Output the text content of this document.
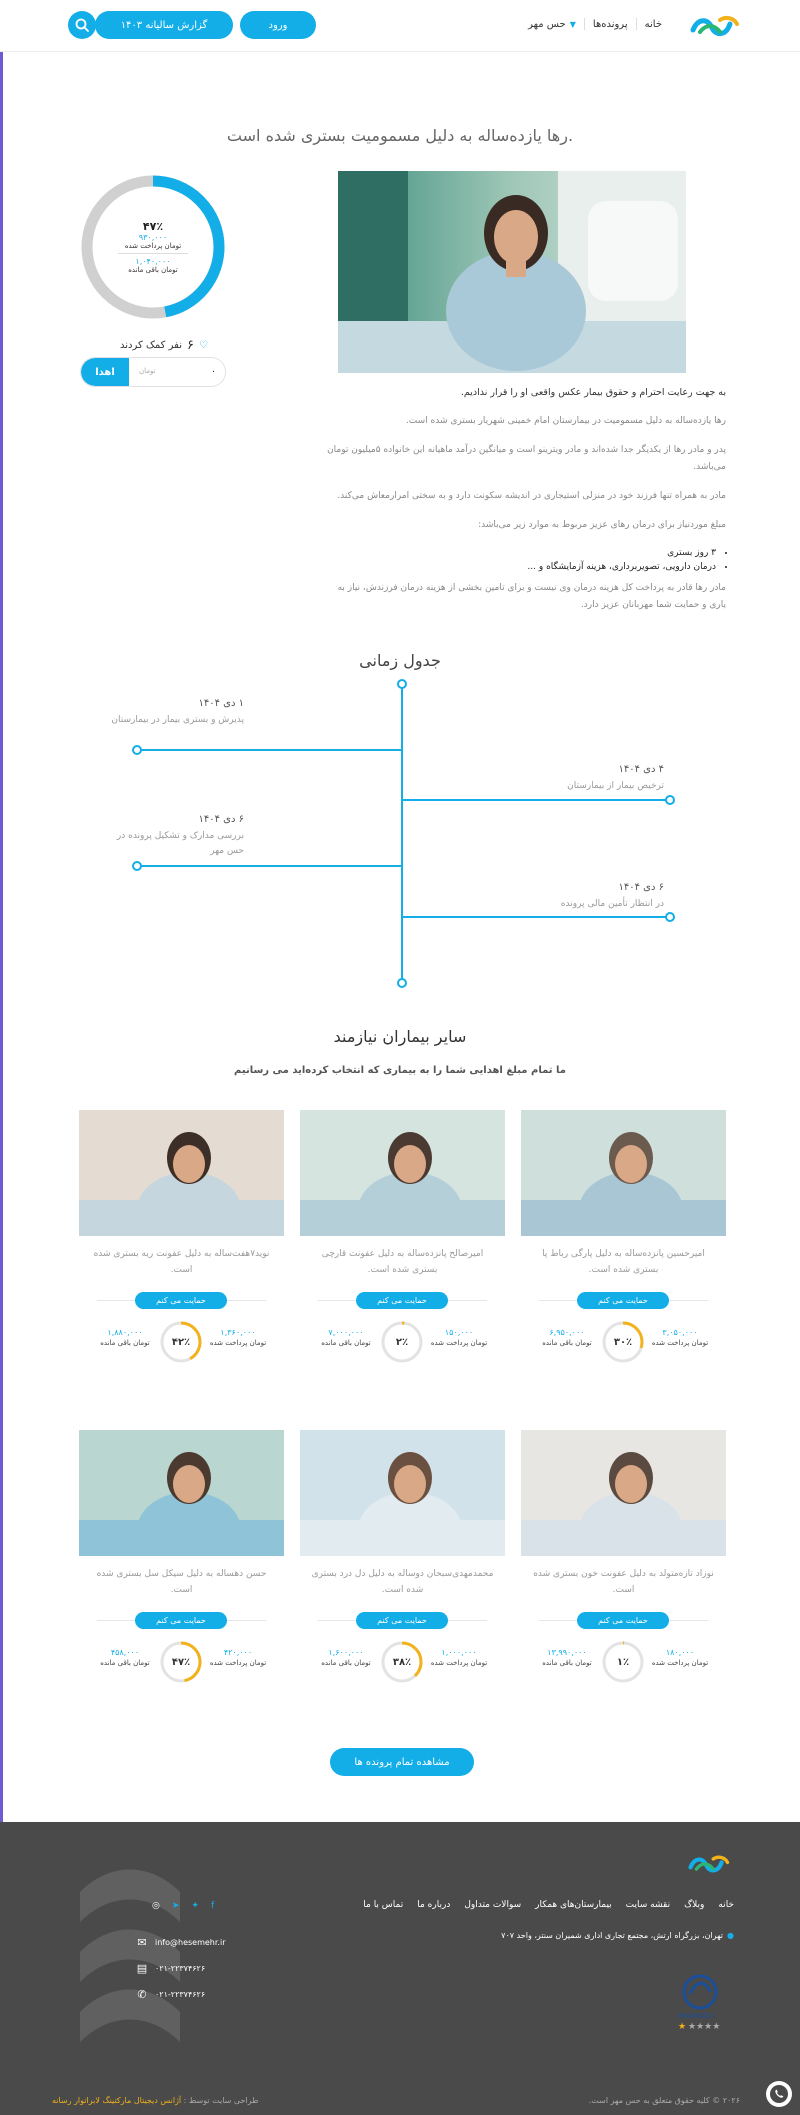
خانه
پرونده‌ها
حس مهر ▼
ورود
گزارش سالیانه ۱۴۰۳
رها یازده‌ساله به دلیل مسمومیت بستری شده است.
۴۷٪
۹۳۰,۰۰۰
تومان پرداخت شده
۱,۰۴۰,۰۰۰
تومان باقی مانده
♡
۶
نفر کمک کردند
اهدا
۰	تومان

به جهت رعایت احترام و حقوق بیمار عکس واقعی او را قرار ندادیم.

رها یازده‌ساله به دلیل مسمومیت در بیمارستان امام خمینی شهریار بستری شده است.

پدر و مادر رها از یکدیگر جدا شده‌اند و مادر ویترینو است و میانگین درآمد ماهیانه این خانواده ۵میلیون تومان می‌باشد.

مادر به همراه تنها فرزند خود در منزلی استیجاری در اندیشه سکونت دارد و به سختی امرارمعاش می‌کند.

مبلغ موردنیاز برای درمان رهای عزیز مربوط به موارد زیر می‌باشد:

• ۳ روز بستری
• درمان دارویی، تصویربرداری، هزینه آزمایشگاه و ...

مادر رها قادر به پرداخت کل هزینه درمان وی نیست و برای تامین بخشی از هزینه درمان فرزندش، نیاز به یاری و حمایت شما مهربانان عزیز دارد.

جدول زمانی
۱ دی ۱۴۰۴
پذیرش و بستری بیمار در بیمارستان
۴ دی ۱۴۰۴
ترخیص بیمار از بیمارستان
۶ دی ۱۴۰۴
بررسی مدارک و تشکیل پرونده در حس مهر
۶ دی ۱۴۰۴
در انتظار تأمین مالی پرونده
سایر بیماران نیازمند
ما تمام مبلغ اهدایی شما را به بیماری که انتخاب کرده‌اید می رسانیم
امیرحسین پانزده‌ساله به دلیل پارگی رباط پا بستری شده است.
حمایت می کنم
۳,۰۵۰,۰۰۰
تومان پرداخت شده
۳۰٪
۶,۹۵۰,۰۰۰
تومان باقی مانده
امیرصالح پانزده‌ساله به دلیل عفونت قارچی بستری شده است.
حمایت می کنم
۱۵۰,۰۰۰
تومان پرداخت شده
۲٪
۷,۰۰۰,۰۰۰
تومان باقی مانده
نوید۷هفت‌ساله به دلیل عفونت ریه بستری شده است.
حمایت می کنم
۱,۳۶۰,۰۰۰
تومان پرداخت شده
۴۲٪
۱,۸۸۰,۰۰۰
تومان باقی مانده
نوزاد تازه‌متولد به دلیل عفونت خون بستری شده است.
حمایت می کنم
۱۸۰,۰۰۰
تومان پرداخت شده
۱٪
۱۳,۹۹۰,۰۰۰
تومان باقی مانده
محمدمهدی‌سبحان دوساله به دلیل دل درد بستری شده است.
حمایت می کنم
۱,۰۰۰,۰۰۰
تومان پرداخت شده
۳۸٪
۱,۶۰۰,۰۰۰
تومان باقی مانده
حسن دهساله به دلیل سیکل سل بستری شده است.
حمایت می کنم
۴۲۰,۰۰۰
تومان پرداخت شده
۴۷٪
۴۵۸,۰۰۰
تومان باقی مانده
مشاهده تمام پرونده ها
خانه
وبلاگ
نقشه سایت
بیمارستان‌های همکار
سوالات متداول
درباره ما
تماس با ما
◎ ➤ ✦ f
●
تهران، بزرگراه ارتش، مجتمع تجاری اداری شمیران سنتر، واحد ۷۰۷
✉ info@hesemehr.ir
▤ ۰۲۱-۲۲۳۷۴۶۲۶
✆ ۰۲۱-۲۲۳۷۴۶۲۶
eNAMAD.ir
★ ★★★★
۲۰۲۶ © کلیه حقوق متعلق به حس مهر است.
طراحی سایت توسط : آژانس دیجیتال مارکتینگ لابراتوار رسانه
